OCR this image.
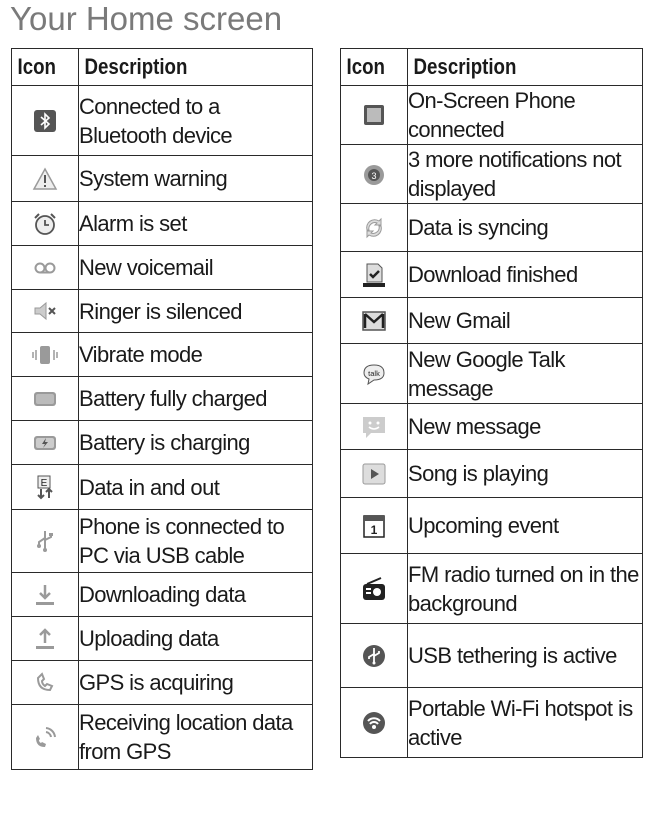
Your Home screen
Icon	Description

	Connected to a Bluetooth device

	System warning

	Alarm is set

	New voicemail

	Ringer is silenced

	Vibrate mode

	Battery fully charged

	Battery is charging

E	Data in and out

	Phone is connected to PC via USB cable

	Downloading data

	Uploading data

	GPS is acquiring

	Receiving location data from GPS
Icon	Description

	On-Screen Phone connected

3	3 more notifications not displayed

	Data is syncing

	Download finished

	New Gmail

talk	New Google Talk message

	New message

	Song is playing

1	Upcoming event

	FM radio turned on in the background

	USB tethering is active

	Portable Wi-Fi hotspot is active
